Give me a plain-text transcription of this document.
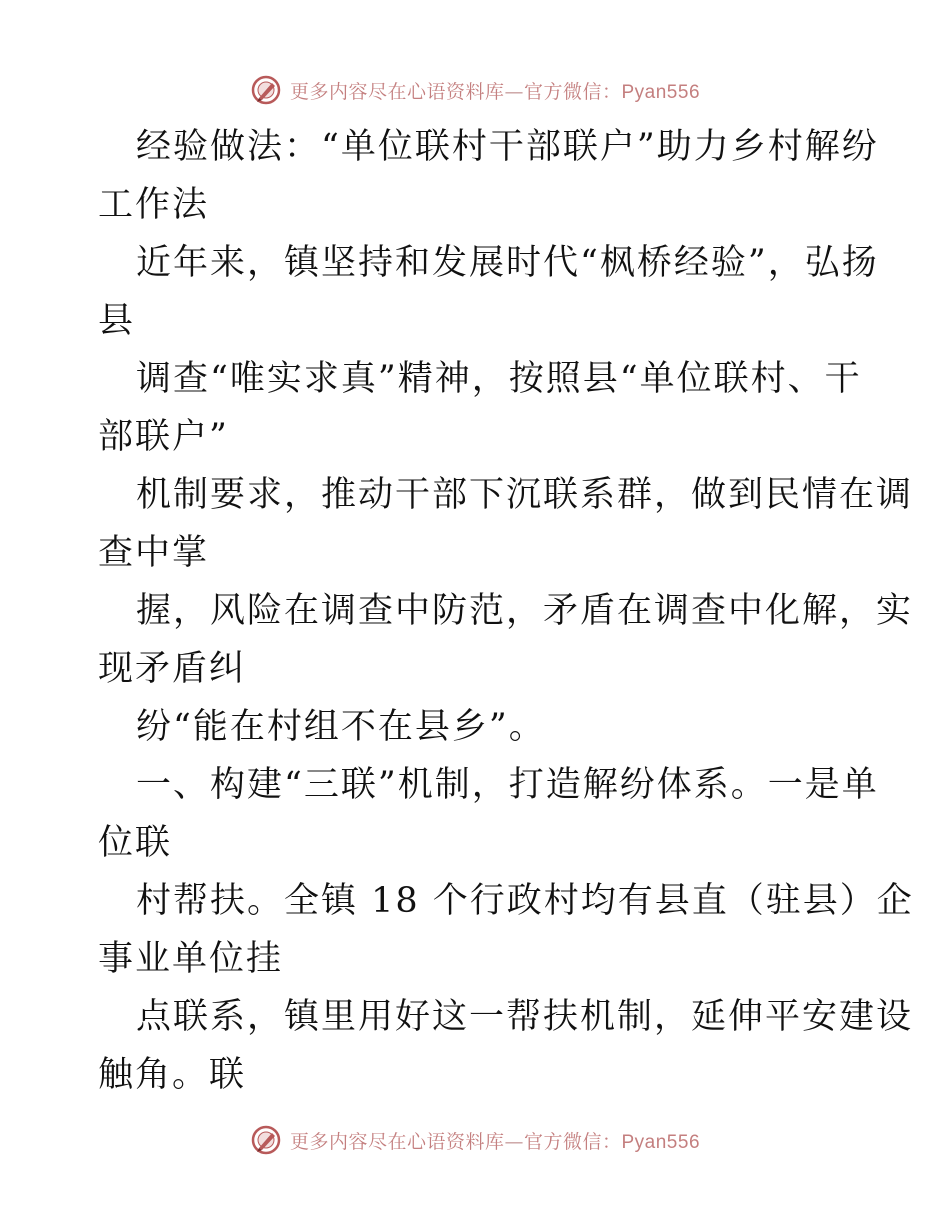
更多内容尽在心语资料库—官方微信：Pyan556
经验做法：“单位联村干部联户”助力乡村解纷
工作法
近年来，镇坚持和发展时代“枫桥经验”，弘扬
县
调查“唯实求真”精神，按照县“单位联村、干
部联户”
机制要求，推动干部下沉联系群，做到民情在调
查中掌
握，风险在调查中防范，矛盾在调查中化解，实
现矛盾纠
纷“能在村组不在县乡”。
一、构建“三联”机制，打造解纷体系。一是单
位联
村帮扶。全镇 18 个行政村均有县直（驻县）企
事业单位挂
点联系，镇里用好这一帮扶机制，延伸平安建设
触角。联
更多内容尽在心语资料库—官方微信：Pyan556
